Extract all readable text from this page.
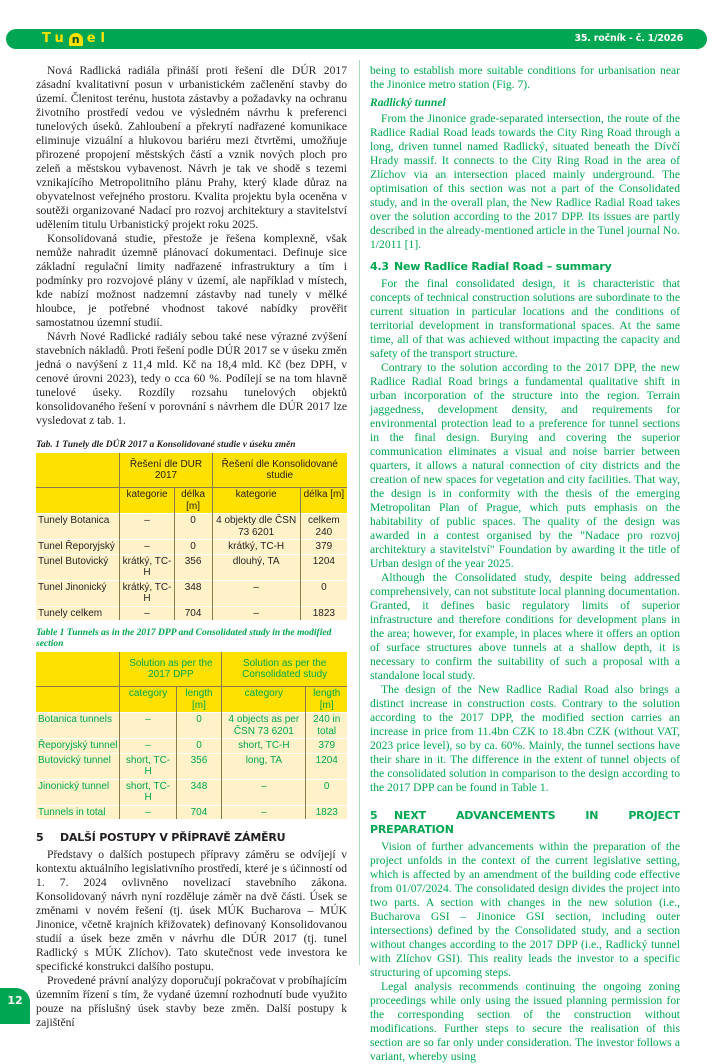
Tu n el	35. ročník - č. 1/2026

Nová Radlická radiála přináší proti řešení dle DÚR 2017 zásadní kvalitativní posun v urbanistickém začlenění stavby do území. Členitost terénu, hustota zástavby a požadavky na ochranu životního prostředí vedou ve výsledném návrhu k preferenci tunelových úseků. Zahloubení a překrytí nadřazené komunikace eliminuje vizuální a hlukovou bariéru mezi čtvrtěmi, umožňuje přirozené propojení městských částí a vznik nových ploch pro zeleň a městskou vybavenost. Návrh je tak ve shodě s tezemi vznikajícího Metropolitního plánu Prahy, který klade důraz na obyvatelnost veřejného prostoru. Kvalita projektu byla oceněna v soutěži organizované Nadací pro rozvoj architektury a stavitelství udělením titulu Urbanistický projekt roku 2025.

Konsolidovaná studie, přestože je řešena komplexně, však nemůže nahradit územně plánovací dokumentaci. Definuje sice základní regulační limity nadřazené infrastruktury a tím i podmínky pro rozvojové plány v území, ale například v místech, kde nabízí možnost nadzemní zástavby nad tunely v mělké hloubce, je potřebné vhodnost takové nabídky prověřit samostatnou územní studií.

Návrh Nové Radlické radiály sebou také nese výrazné zvýšení stavebních nákladů. Proti řešení podle DÚR 2017 se v úseku změn jedná o navýšení z 11,4 mld. Kč na 18,4 mld. Kč (bez DPH, v cenové úrovni 2023), tedy o cca 60 %. Podílejí se na tom hlavně tunelové úseky. Rozdíly rozsahu tunelových objektů konsolidovaného řešení v porovnání s návrhem dle DÚR 2017 lze vysledovat z tab. 1.

Tab. 1 Tunely dle DÚR 2017 a Konsolidované studie v úseku změn
	Řešení dle DUR 2017		Řešení dle Konsolidované studie	
	kategorie	délka [m]	kategorie	délka [m]
Tunely Botanica	–	0	4 objekty dle ČSN 73 6201	celkem 240
Tunel Řeporyjský	–	0	krátký, TC-H	379
Tunel Butovický	krátký, TC-H	356	dlouhý, TA	1204
Tunel Jinonický	krátký, TC-H	348	–	0
Tunely celkem	–	704	–	1823
Table 1 Tunnels as in the 2017 DPP and Consolidated study in the modified section
	Solution as per the 2017 DPP		Solution as per the Consolidated study	
	category	length [m]	category	length [m]
Botanica tunnels	–	0	4 objects as per ČSN 73 6201	240 in total
Řeporyjský tunnel	–	0	short, TC-H	379
Butovický tunnel	short, TC-H	356	long, TA	1204
Jinonický tunnel	short, TC-H	348	–	0
Tunnels in total	–	704	–	1823
5 DALŠÍ POSTUPY V PŘÍPRAVĚ ZÁMĚRU

Představy o dalších postupech přípravy záměru se odvíjejí v kontextu aktuálního legislativního prostředí, které je s účinností od 1. 7. 2024 ovlivněno novelizací stavebního zákona. Konsolidovaný návrh nyní rozděluje záměr na dvě části. Úsek se změnami v novém řešení (tj. úsek MÚK Bucharova – MÚK Jinonice, včetně krajních křižovatek) definovaný Konsolidovanou studií a úsek beze změn v návrhu dle DÚR 2017 (tj. tunel Radlický s MÚK Zlíchov). Tato skutečnost vede investora ke specifické konstrukci dalšího postupu.

Provedené právní analýzy doporučují pokračovat v probíhajícím územním řízení s tím, že vydané územní rozhodnutí bude využito pouze na příslušný úsek stavby beze změn. Další postupy k zajištění

being to establish more suitable conditions for urbanisation near the Jinonice metro station (Fig. 7).

Radlický tunnel

From the Jinonice grade-separated intersection, the route of the Radlice Radial Road leads towards the City Ring Road through a long, driven tunnel named Radlický, situated beneath the Dívčí Hrady massif. It connects to the City Ring Road in the area of Zlíchov via an intersection placed mainly underground. The optimisation of this section was not a part of the Consolidated study, and in the overall plan, the New Radlice Radial Road takes over the solution according to the 2017 DPP. Its issues are partly described in the already-mentioned article in the Tunel journal No. 1/2011 [1].

4.3 New Radlice Radial Road – summary

For the final consolidated design, it is characteristic that concepts of technical construction solutions are subordinate to the current situation in particular locations and the conditions of territorial development in transformational spaces. At the same time, all of that was achieved without impacting the capacity and safety of the transport structure.

Contrary to the solution according to the 2017 DPP, the new Radlice Radial Road brings a fundamental qualitative shift in urban incorporation of the structure into the region. Terrain jaggedness, development density, and requirements for environmental protection lead to a preference for tunnel sections in the final design. Burying and covering the superior communication eliminates a visual and noise barrier between quarters, it allows a natural connection of city districts and the creation of new spaces for vegetation and city facilities. That way, the design is in conformity with the thesis of the emerging Metropolitan Plan of Prague, which puts emphasis on the habitability of public spaces. The quality of the design was awarded in a contest organised by the "Nadace pro rozvoj architektury a stavitelství" Foundation by awarding it the title of Urban design of the year 2025.

Although the Consolidated study, despite being addressed comprehensively, can not substitute local planning documentation. Granted, it defines basic regulatory limits of superior infrastructure and therefore conditions for development plans in the area; however, for example, in places where it offers an option of surface structures above tunnels at a shallow depth, it is necessary to confirm the suitability of such a proposal with a standalone local study.

The design of the New Radlice Radial Road also brings a distinct increase in construction costs. Contrary to the solution according to the 2017 DPP, the modified section carries an increase in price from 11.4bn CZK to 18.4bn CZK (without VAT, 2023 price level), so by ca. 60%. Mainly, the tunnel sections have their share in it. The difference in the extent of tunnel objects of the consolidated solution in comparison to the design according to the 2017 DPP can be found in Table 1.

5 NEXT ADVANCEMENTS IN PROJECT PREPARATION

Vision of further advancements within the preparation of the project unfolds in the context of the current legislative setting, which is affected by an amendment of the building code effective from 01/07/2024. The consolidated design divides the project into two parts. A section with changes in the new solution (i.e., Bucharova GSI – Jinonice GSI section, including outer intersections) defined by the Consolidated study, and a section without changes according to the 2017 DPP (i.e., Radlický tunnel with Zlíchov GSI). This reality leads the investor to a specific structuring of upcoming steps.

Legal analysis recommends continuing the ongoing zoning proceedings while only using the issued planning permission for the corresponding section of the construction without modifications. Further steps to secure the realisation of this section are so far only under consideration. The investor follows a variant, whereby using

12
